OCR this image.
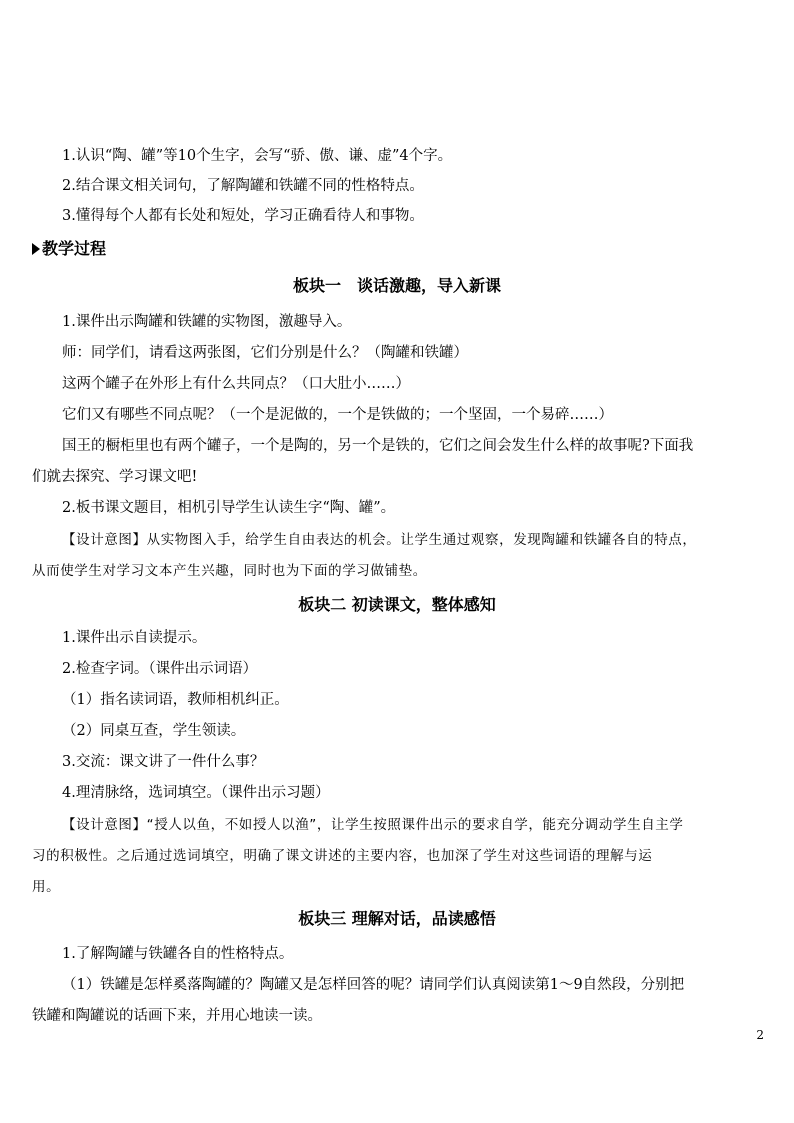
1.认识“陶、罐”等10个生字，会写“骄、傲、谦、虚”4个字。
2.结合课文相关词句，了解陶罐和铁罐不同的性格特点。
3.懂得每个人都有长处和短处，学习正确看待人和事物。
教学过程
板块一　谈话激趣，导入新课
1.课件出示陶罐和铁罐的实物图，激趣导入。
师：同学们，请看这两张图，它们分别是什么？（陶罐和铁罐）
这两个罐子在外形上有什么共同点？（口大肚小……）
它们又有哪些不同点呢？（一个是泥做的，一个是铁做的；一个坚固，一个易碎……）
国王的橱柜里也有两个罐子，一个是陶的，另一个是铁的，它们之间会发生什么样的故事呢?下面我
们就去探究、学习课文吧!
2.板书课文题目，相机引导学生认读生字“陶、罐”。
【设计意图】从实物图入手，给学生自由表达的机会。让学生通过观察，发现陶罐和铁罐各自的特点，
从而使学生对学习文本产生兴趣，同时也为下面的学习做铺垫。
板块二 初读课文，整体感知
1.课件出示自读提示。
2.检查字词。（课件出示词语）
（1）指名读词语，教师相机纠正。
（2）同桌互查，学生领读。
3.交流：课文讲了一件什么事？
4.理清脉络，选词填空。（课件出示习题）
【设计意图】“授人以鱼，不如授人以渔”，让学生按照课件出示的要求自学，能充分调动学生自主学
习的积极性。之后通过选词填空，明确了课文讲述的主要内容，也加深了学生对这些词语的理解与运
用。
板块三 理解对话，品读感悟
1.了解陶罐与铁罐各自的性格特点。
（1）铁罐是怎样奚落陶罐的？陶罐又是怎样回答的呢？请同学们认真阅读第1～9自然段，分别把
铁罐和陶罐说的话画下来，并用心地读一读。
2
